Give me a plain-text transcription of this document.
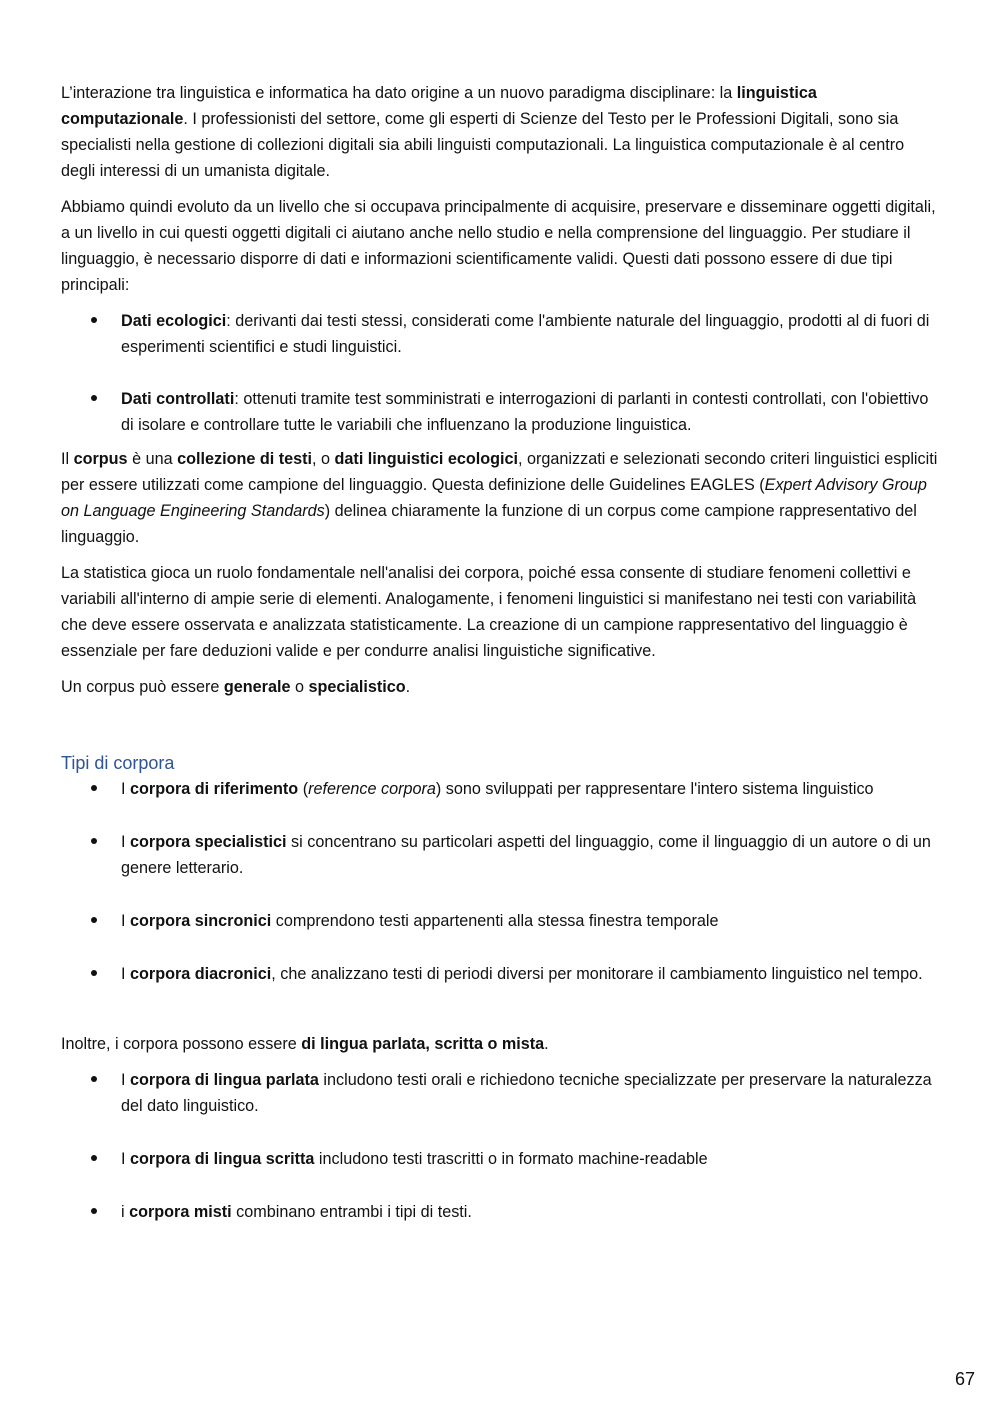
L’interazione tra linguistica e informatica ha dato origine a un nuovo paradigma disciplinare: la linguistica computazionale. I professionisti del settore, come gli esperti di Scienze del Testo per le Professioni Digitali, sono sia specialisti nella gestione di collezioni digitali sia abili linguisti computazionali. La linguistica computazionale è al centro degli interessi di un umanista digitale.

Abbiamo quindi evoluto da un livello che si occupava principalmente di acquisire, preservare e disseminare oggetti digitali, a un livello in cui questi oggetti digitali ci aiutano anche nello studio e nella comprensione del linguaggio. Per studiare il linguaggio, è necessario disporre di dati e informazioni scientificamente validi. Questi dati possono essere di due tipi principali:

Dati ecologici: derivanti dai testi stessi, considerati come l'ambiente naturale del linguaggio, prodotti al di fuori di esperimenti scientifici e studi linguistici.
Dati controllati: ottenuti tramite test somministrati e interrogazioni di parlanti in contesti controllati, con l'obiettivo di isolare e controllare tutte le variabili che influenzano la produzione linguistica.

Il corpus è una collezione di testi, o dati linguistici ecologici, organizzati e selezionati secondo criteri linguistici espliciti per essere utilizzati come campione del linguaggio. Questa definizione delle Guidelines EAGLES (Expert Advisory Group on Language Engineering Standards) delinea chiaramente la funzione di un corpus come campione rappresentativo del linguaggio.

La statistica gioca un ruolo fondamentale nell'analisi dei corpora, poiché essa consente di studiare fenomeni collettivi e variabili all'interno di ampie serie di elementi. Analogamente, i fenomeni linguistici si manifestano nei testi con variabilità che deve essere osservata e analizzata statisticamente. La creazione di un campione rappresentativo del linguaggio è essenziale per fare deduzioni valide e per condurre analisi linguistiche significative.

Un corpus può essere generale o specialistico.

Tipi di corpora
I corpora di riferimento (reference corpora) sono sviluppati per rappresentare l'intero sistema linguistico
I corpora specialistici si concentrano su particolari aspetti del linguaggio, come il linguaggio di un autore o di un genere letterario.
I corpora sincronici comprendono testi appartenenti alla stessa finestra temporale
I corpora diacronici, che analizzano testi di periodi diversi per monitorare il cambiamento linguistico nel tempo.

Inoltre, i corpora possono essere di lingua parlata, scritta o mista.

I corpora di lingua parlata includono testi orali e richiedono tecniche specializzate per preservare la naturalezza del dato linguistico.
I corpora di lingua scritta includono testi trascritti o in formato machine-readable
i corpora misti combinano entrambi i tipi di testi.
67
